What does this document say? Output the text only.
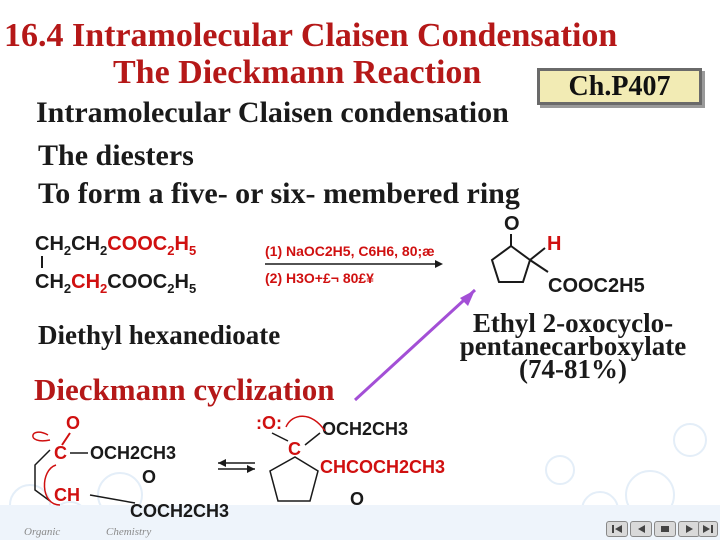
16.4 Intramolecular Claisen Condensation
The Dieckmann Reaction	Ch.P407
Intramolecular Claisen condensation
The diesters
To form a five- or six- membered ring
$CH_2CH_2COOC_2H_5$
$CH_2CH_2COOC_2H_5$
(1) NaOC2H5, C6H6, 80;æ
(2) H3O+£¬ 80£¥
O
H
COOC2H5
Diethyl hexanedioate	Ethyl 2-oxocyclo-
pentanecarboxylate
(74-81%)
Dieckmann cyclization
O
C OCH2CH3
CH
O
COCH2CH3
:O:
C
OCH2CH3
CHCOCH2CH3
O
Organic	Chemistry
